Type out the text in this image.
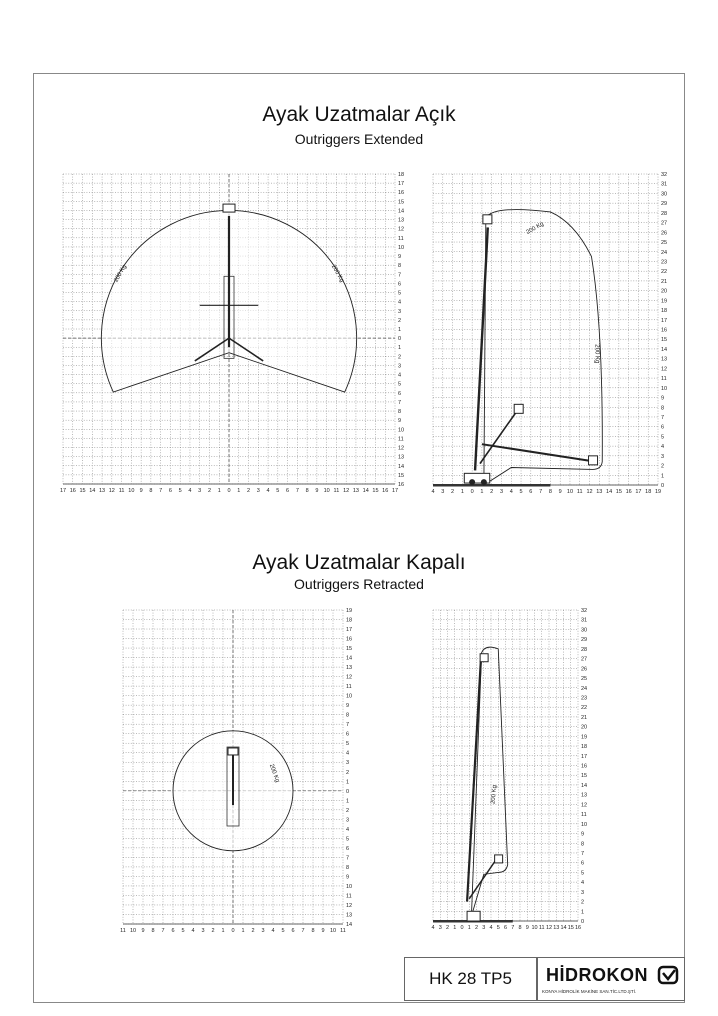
Ayak Uzatmalar Açık
Outriggers Extended
Ayak Uzatmalar Kapalı
Outriggers Retracted
17 16 15 14 13 12 11 10 9 8 7 6 5 4 3 2 1 0 1 2 3 4 5 6 7 8 9 10 11 12 13 14 15 16 17
18
17
16
15
14
13
12
11
10
9
8
7
6
5
4
3
2
1
0
1
2
3
4
5
6
7
8
9
10
11
12
13
14
15
16
200 Kg	200 Kg
4 3 2 1 0 1 2 3 4 5 6 7 8 9 10 11 12 13 14 15 16 17 18 19
32
31
30
29
28
27
26
25
24
23
22
21
20
19
18
17
16
15
14
13
12
11
10
9
8
7
6
5
4
3
2
1
0
200 Kg
200 Kg
11 10 9 8 7 6 5 4 3 2 1 0 1 2 3 4 5 6 7 8 9 10 11
19
18
17
16
15
14
13
12
11
10
9
8
7
6
5
4
3
2
1
0
1
2
3
4
5
6
7
8
9
10
11
12
13
14
200 Kg
4 3 2 1 0 1 2 3 4 5 6 7 8 9 10 11 12 13 14 15 16
32
31
30
29
28
27
26
25
24
23
22
21
20
19
18
17
16
15
14
13
12
11
10
9
8
7
6
5
4
3
2
1
0
200 Kg
HK 28 TP5 HİDROKON
KONYA HİDROLİK MAKİNE SAN.TİC.LTD.ŞTİ.
